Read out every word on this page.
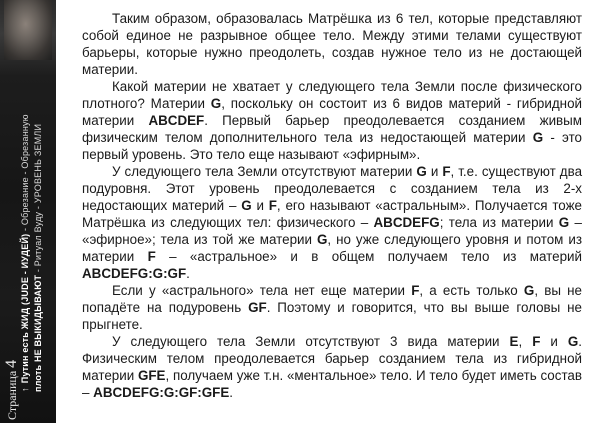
Страница4
↑Путин есть ЖИД (JUDE - ИУДЕЙ) - Обрезание - Обрезанную
плоть НЕ ВЫКИДЫВАЮТ - Ритуал Вуду - УРОВЕНЬ ЗЕМЛИ

Таким образом, образовалась Матрёшка из 6 тел, которые представляют собой единое не разрывное общее тело. Между этими телами существуют барьеры, которые нужно преодолеть, создав нужное тело из не достающей материи.

Какой материи не хватает у следующего тела Земли после физического плотного? Материи G, поскольку он состоит из 6 видов материй - гибридной материи ABCDEF. Первый барьер преодолевается созданием живым физическим телом дополнительного тела из недостающей материи G - это первый уровень. Это тело еще называют «эфирным».

У следующего тела Земли отсутствуют материи G и F, т.е. существуют два подуровня. Этот уровень преодолевается с созданием тела из 2-х недостающих материй – G и F, его называют «астральным». Получается тоже Матрёшка из следующих тел: физического – ABCDEFG; тела из материи G – «эфирное»; тела из той же материи G, но уже следующего уровня и потом из материи F – «астральное» и в общем получаем тело из материй ABCDEFG:G:GF.

Если у «астрального» тела нет еще материи F, а есть только G, вы не попадёте на подуровень GF. Поэтому и говорится, что вы выше головы не прыгнете.

У следующего тела Земли отсутствуют 3 вида материи E, F и G. Физическим телом преодолевается барьер созданием тела из гибридной материи GFE, получаем уже т.н. «ментальное» тело. И тело будет иметь состав – ABCDEFG:G:GF:GFE.
